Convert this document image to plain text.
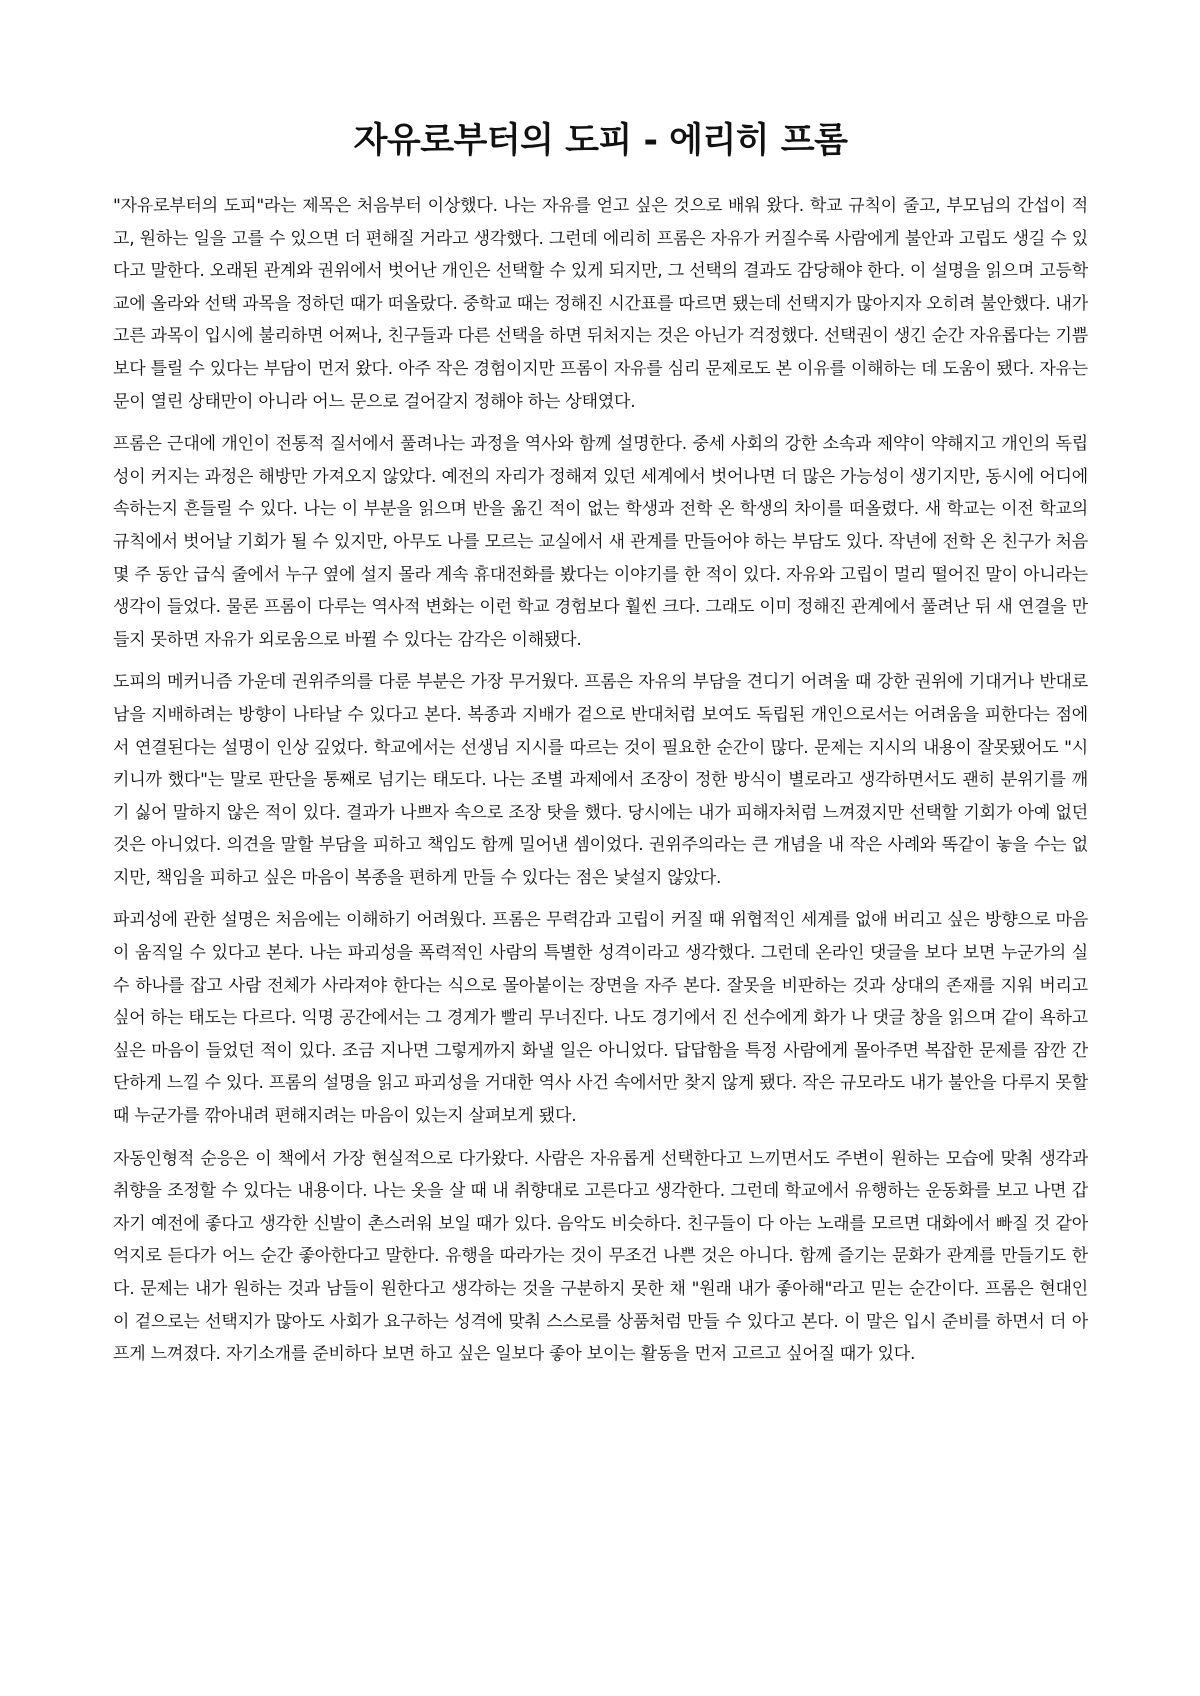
자유로부터의 도피 - 에리히 프롬

"자유로부터의 도피"라는 제목은 처음부터 이상했다. 나는 자유를 얻고 싶은 것으로 배워 왔다. 학교 규칙이 줄고, 부모님의 간섭이 적고, 원하는 일을 고를 수 있으면 더 편해질 거라고 생각했다. 그런데 에리히 프롬은 자유가 커질수록 사람에게 불안과 고립도 생길 수 있다고 말한다. 오래된 관계와 권위에서 벗어난 개인은 선택할 수 있게 되지만, 그 선택의 결과도 감당해야 한다. 이 설명을 읽으며 고등학교에 올라와 선택 과목을 정하던 때가 떠올랐다. 중학교 때는 정해진 시간표를 따르면 됐는데 선택지가 많아지자 오히려 불안했다. 내가 고른 과목이 입시에 불리하면 어쩌나, 친구들과 다른 선택을 하면 뒤처지는 것은 아닌가 걱정했다. 선택권이 생긴 순간 자유롭다는 기쁨보다 틀릴 수 있다는 부담이 먼저 왔다. 아주 작은 경험이지만 프롬이 자유를 심리 문제로도 본 이유를 이해하는 데 도움이 됐다. 자유는 문이 열린 상태만이 아니라 어느 문으로 걸어갈지 정해야 하는 상태였다.

프롬은 근대에 개인이 전통적 질서에서 풀려나는 과정을 역사와 함께 설명한다. 중세 사회의 강한 소속과 제약이 약해지고 개인의 독립성이 커지는 과정은 해방만 가져오지 않았다. 예전의 자리가 정해져 있던 세계에서 벗어나면 더 많은 가능성이 생기지만, 동시에 어디에 속하는지 흔들릴 수 있다. 나는 이 부분을 읽으며 반을 옮긴 적이 없는 학생과 전학 온 학생의 차이를 떠올렸다. 새 학교는 이전 학교의 규칙에서 벗어날 기회가 될 수 있지만, 아무도 나를 모르는 교실에서 새 관계를 만들어야 하는 부담도 있다. 작년에 전학 온 친구가 처음 몇 주 동안 급식 줄에서 누구 옆에 설지 몰라 계속 휴대전화를 봤다는 이야기를 한 적이 있다. 자유와 고립이 멀리 떨어진 말이 아니라는 생각이 들었다. 물론 프롬이 다루는 역사적 변화는 이런 학교 경험보다 훨씬 크다. 그래도 이미 정해진 관계에서 풀려난 뒤 새 연결을 만들지 못하면 자유가 외로움으로 바뀔 수 있다는 감각은 이해됐다.

도피의 메커니즘 가운데 권위주의를 다룬 부분은 가장 무거웠다. 프롬은 자유의 부담을 견디기 어려울 때 강한 권위에 기대거나 반대로 남을 지배하려는 방향이 나타날 수 있다고 본다. 복종과 지배가 겉으로 반대처럼 보여도 독립된 개인으로서는 어려움을 피한다는 점에서 연결된다는 설명이 인상 깊었다. 학교에서는 선생님 지시를 따르는 것이 필요한 순간이 많다. 문제는 지시의 내용이 잘못됐어도 "시키니까 했다"는 말로 판단을 통째로 넘기는 태도다. 나는 조별 과제에서 조장이 정한 방식이 별로라고 생각하면서도 괜히 분위기를 깨기 싫어 말하지 않은 적이 있다. 결과가 나쁘자 속으로 조장 탓을 했다. 당시에는 내가 피해자처럼 느껴졌지만 선택할 기회가 아예 없던 것은 아니었다. 의견을 말할 부담을 피하고 책임도 함께 밀어낸 셈이었다. 권위주의라는 큰 개념을 내 작은 사례와 똑같이 놓을 수는 없지만, 책임을 피하고 싶은 마음이 복종을 편하게 만들 수 있다는 점은 낯설지 않았다.

파괴성에 관한 설명은 처음에는 이해하기 어려웠다. 프롬은 무력감과 고립이 커질 때 위협적인 세계를 없애 버리고 싶은 방향으로 마음이 움직일 수 있다고 본다. 나는 파괴성을 폭력적인 사람의 특별한 성격이라고 생각했다. 그런데 온라인 댓글을 보다 보면 누군가의 실수 하나를 잡고 사람 전체가 사라져야 한다는 식으로 몰아붙이는 장면을 자주 본다. 잘못을 비판하는 것과 상대의 존재를 지워 버리고 싶어 하는 태도는 다르다. 익명 공간에서는 그 경계가 빨리 무너진다. 나도 경기에서 진 선수에게 화가 나 댓글 창을 읽으며 같이 욕하고 싶은 마음이 들었던 적이 있다. 조금 지나면 그렇게까지 화낼 일은 아니었다. 답답함을 특정 사람에게 몰아주면 복잡한 문제를 잠깐 간단하게 느낄 수 있다. 프롬의 설명을 읽고 파괴성을 거대한 역사 사건 속에서만 찾지 않게 됐다. 작은 규모라도 내가 불안을 다루지 못할 때 누군가를 깎아내려 편해지려는 마음이 있는지 살펴보게 됐다.

자동인형적 순응은 이 책에서 가장 현실적으로 다가왔다. 사람은 자유롭게 선택한다고 느끼면서도 주변이 원하는 모습에 맞춰 생각과 취향을 조정할 수 있다는 내용이다. 나는 옷을 살 때 내 취향대로 고른다고 생각한다. 그런데 학교에서 유행하는 운동화를 보고 나면 갑자기 예전에 좋다고 생각한 신발이 촌스러워 보일 때가 있다. 음악도 비슷하다. 친구들이 다 아는 노래를 모르면 대화에서 빠질 것 같아 억지로 듣다가 어느 순간 좋아한다고 말한다. 유행을 따라가는 것이 무조건 나쁜 것은 아니다. 함께 즐기는 문화가 관계를 만들기도 한다. 문제는 내가 원하는 것과 남들이 원한다고 생각하는 것을 구분하지 못한 채 "원래 내가 좋아해"라고 믿는 순간이다. 프롬은 현대인이 겉으로는 선택지가 많아도 사회가 요구하는 성격에 맞춰 스스로를 상품처럼 만들 수 있다고 본다. 이 말은 입시 준비를 하면서 더 아프게 느껴졌다. 자기소개를 준비하다 보면 하고 싶은 일보다 좋아 보이는 활동을 먼저 고르고 싶어질 때가 있다.
